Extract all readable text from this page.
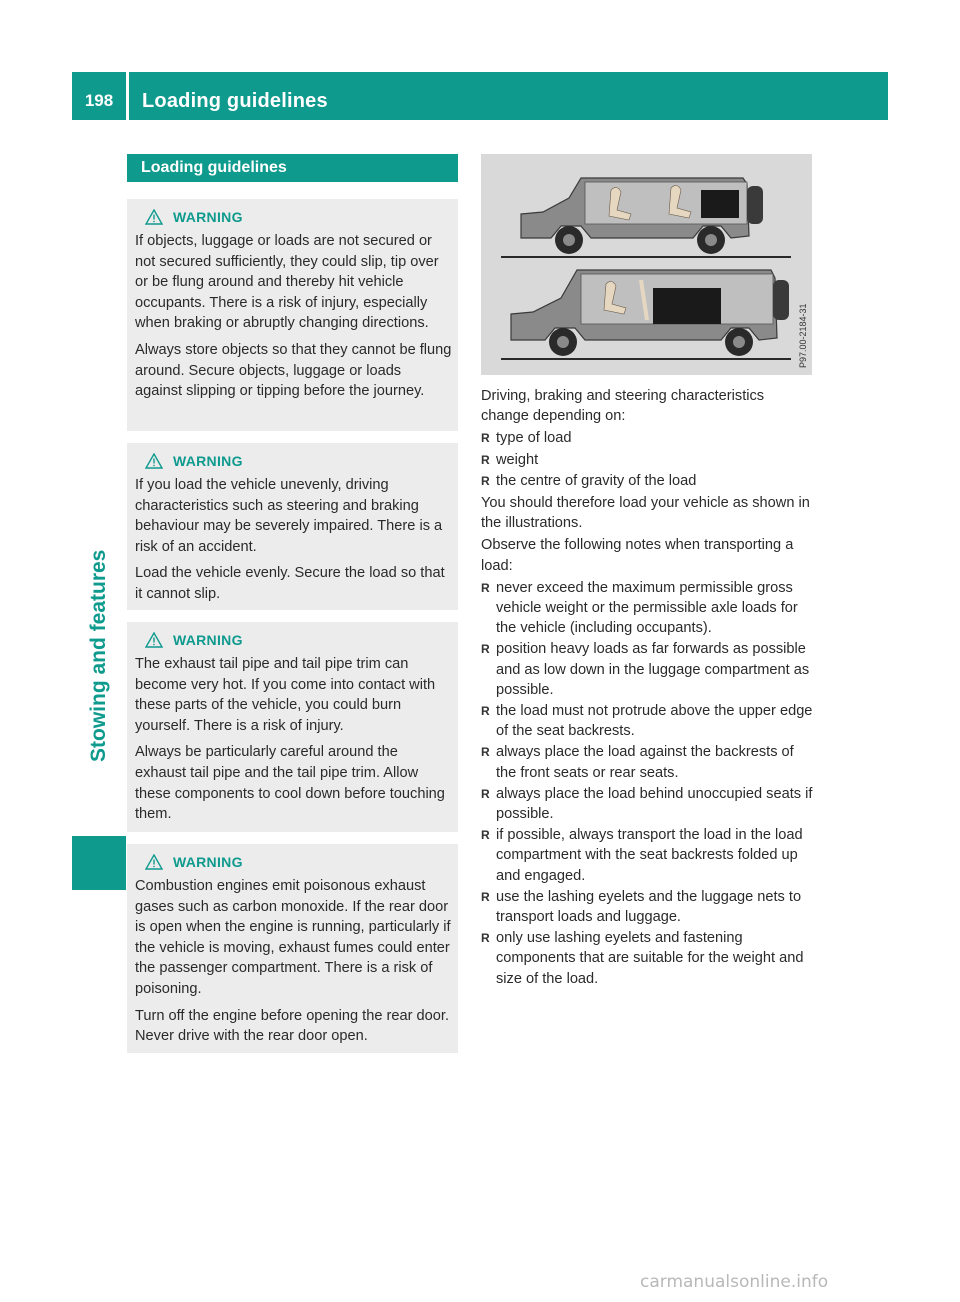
198	Loading guidelines
Stowing and features
Loading guidelines
WARNING

If objects, luggage or loads are not secured or not secured sufficiently, they could slip, tip over or be flung around and thereby hit vehicle occupants. There is a risk of injury, especially when braking or abruptly changing directions.

Always store objects so that they cannot be flung around. Secure objects, luggage or loads against slipping or tipping before the journey.

WARNING

If you load the vehicle unevenly, driving characteristics such as steering and braking behaviour may be severely impaired. There is a risk of an accident.

Load the vehicle evenly. Secure the load so that it cannot slip.

WARNING

The exhaust tail pipe and tail pipe trim can become very hot. If you come into contact with these parts of the vehicle, you could burn yourself. There is a risk of injury.

Always be particularly careful around the exhaust tail pipe and the tail pipe trim. Allow these components to cool down before touching them.

WARNING

Combustion engines emit poisonous exhaust gases such as carbon monoxide. If the rear door is open when the engine is running, particularly if the vehicle is moving, exhaust fumes could enter the passenger compartment. There is a risk of poisoning.

Turn off the engine before opening the rear door. Never drive with the rear door open.

P97.00-2184-31

Driving, braking and steering characteristics change depending on:

R type of load
R weight
R the centre of gravity of the load

You should therefore load your vehicle as shown in the illustrations.

Observe the following notes when transporting a load:

R never exceed the maximum permissible gross vehicle weight or the permissible axle loads for the vehicle (including occupants).
R position heavy loads as far forwards as possible and as low down in the luggage compartment as possible.
R the load must not protrude above the upper edge of the seat backrests.
R always place the load against the backrests of the front seats or rear seats.
R always place the load behind unoccupied seats if possible.
R if possible, always transport the load in the load compartment with the seat backrests folded up and engaged.
R use the lashing eyelets and the luggage nets to transport loads and luggage.
R only use lashing eyelets and fastening components that are suitable for the weight and size of the load.
carmanualsonline.info
